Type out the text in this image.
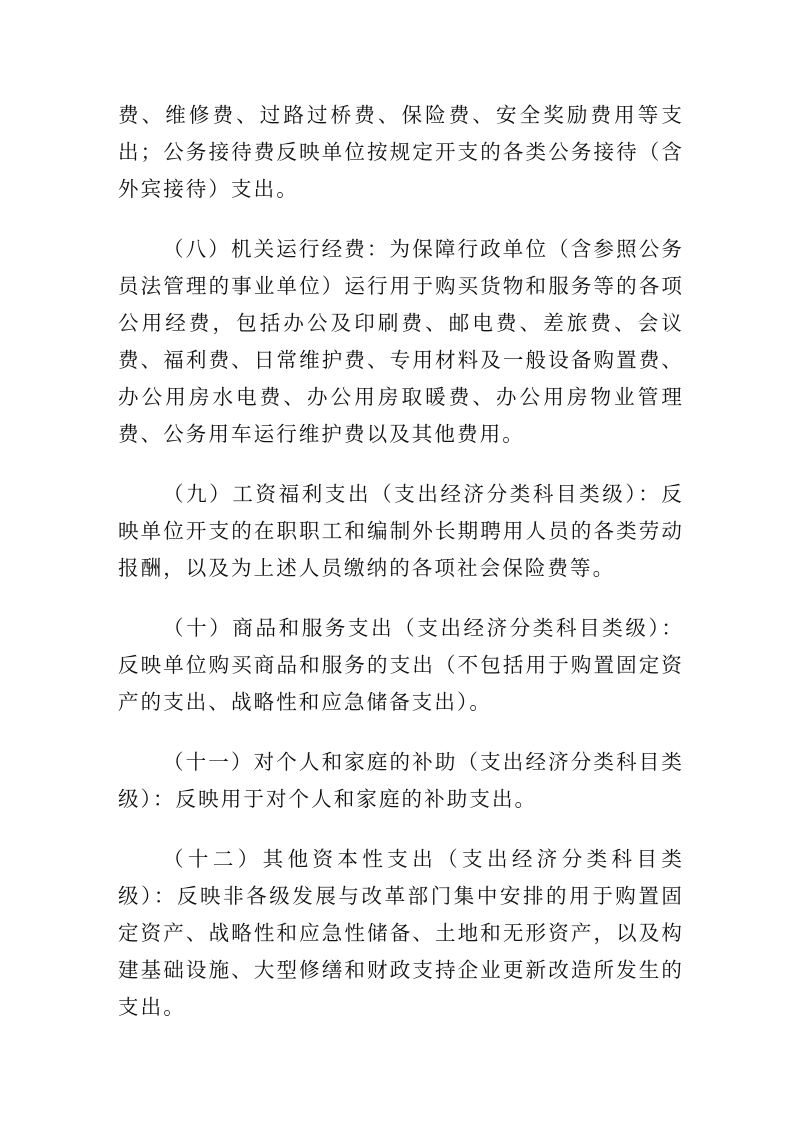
费、维修费、过路过桥费、保险费、安全奖励费用等支出；公务接待费反映单位按规定开支的各类公务接待（含外宾接待）支出。

（八）机关运行经费：为保障行政单位（含参照公务员法管理的事业单位）运行用于购买货物和服务等的各项公用经费，包括办公及印刷费、邮电费、差旅费、会议费、福利费、日常维护费、专用材料及一般设备购置费、办公用房水电费、办公用房取暖费、办公用房物业管理费、公务用车运行维护费以及其他费用。

（九）工资福利支出（支出经济分类科目类级）：反映单位开支的在职职工和编制外长期聘用人员的各类劳动报酬，以及为上述人员缴纳的各项社会保险费等。

（十）商品和服务支出（支出经济分类科目类级）：反映单位购买商品和服务的支出（不包括用于购置固定资产的支出、战略性和应急储备支出）。

（十一）对个人和家庭的补助（支出经济分类科目类级）：反映用于对个人和家庭的补助支出。

（十二）其他资本性支出（支出经济分类科目类级）：反映非各级发展与改革部门集中安排的用于购置固定资产、战略性和应急性储备、土地和无形资产，以及构建基础设施、大型修缮和财政支持企业更新改造所发生的支出。
